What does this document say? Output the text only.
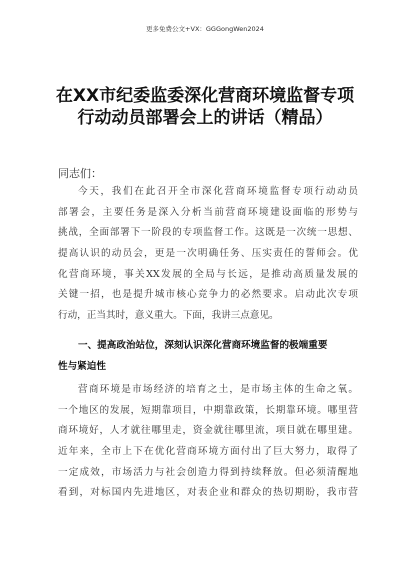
更多免费公文+VX：GGGongWen2024
在XX市纪委监委深化营商环境监督专项
行动动员部署会上的讲话（精品）
同志们：
今天，我们在此召开全市深化营商环境监督专项行动动员
部署会，主要任务是深入分析当前营商环境建设面临的形势与
挑战，全面部署下一阶段的专项监督工作。这既是一次统一思想、
提高认识的动员会，更是一次明确任务、压实责任的誓师会。优
化营商环境，事关XX发展的全局与长远，是推动高质量发展的
关键一招，也是提升城市核心竞争力的必然要求。启动此次专项
行动，正当其时，意义重大。下面，我讲三点意见。
一、提高政治站位，深刻认识深化营商环境监督的极端重要
性与紧迫性
营商环境是市场经济的培育之土，是市场主体的生命之氧。
一个地区的发展，短期靠项目，中期靠政策，长期靠环境。哪里营
商环境好，人才就往哪里走，资金就往哪里流，项目就在哪里建。
近年来，全市上下在优化营商环境方面付出了巨大努力，取得了
一定成效，市场活力与社会创造力得到持续释放。但必须清醒地
看到，对标国内先进地区，对表企业和群众的热切期盼，我市营
